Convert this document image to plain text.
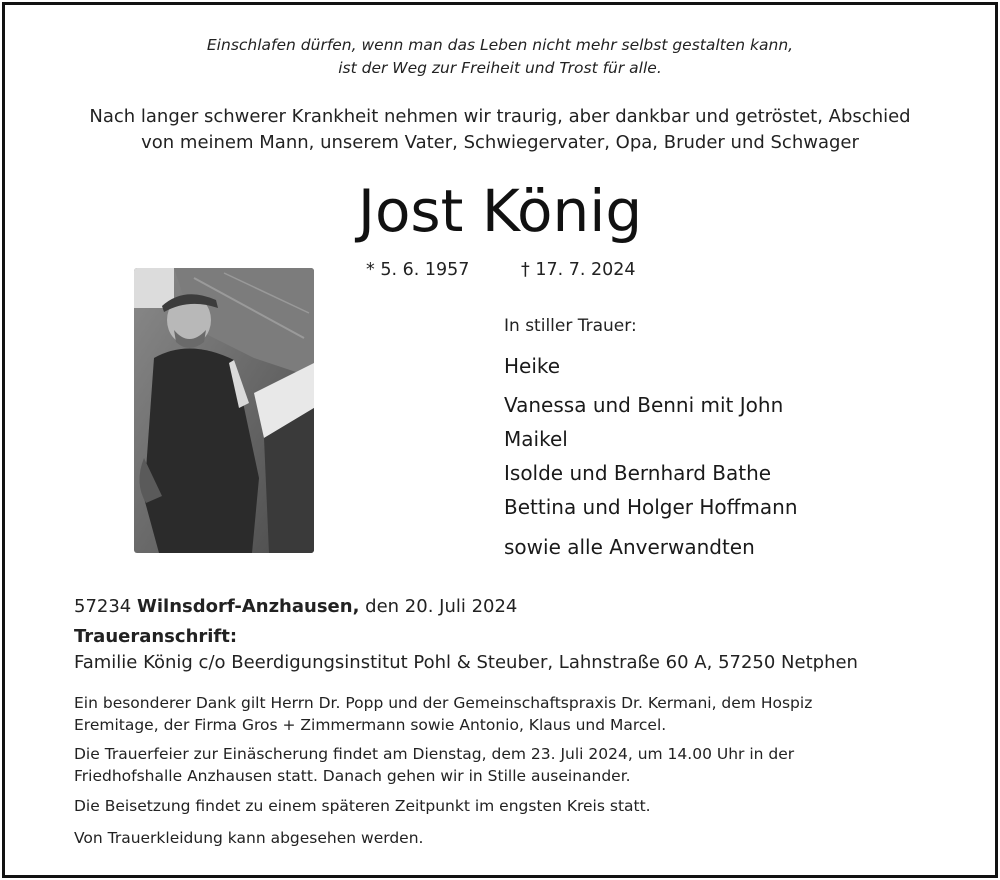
Einschlafen dürfen, wenn man das Leben nicht mehr selbst gestalten kann,
ist der Weg zur Freiheit und Trost für alle.
Nach langer schwerer Krankheit nehmen wir traurig, aber dankbar und getröstet, Abschied
von meinem Mann, unserem Vater, Schwiegervater, Opa, Bruder und Schwager
Jost König
* 5. 6. 1957	† 17. 7. 2024
In stiller Trauer:
Heike
Vanessa und Benni mit John
Maikel
Isolde und Bernhard Bathe
Bettina und Holger Hoffmann
sowie alle Anverwandten
57234 Wilnsdorf-Anzhausen, den 20. Juli 2024
Traueranschrift:
Familie König c/o Beerdigungsinstitut Pohl & Steuber, Lahnstraße 60 A, 57250 Netphen
Ein besonderer Dank gilt Herrn Dr. Popp und der Gemeinschaftspraxis Dr. Kermani, dem Hospiz
Eremitage, der Firma Gros + Zimmermann sowie Antonio, Klaus und Marcel.
Die Trauerfeier zur Einäscherung findet am Dienstag, dem 23. Juli 2024, um 14.00 Uhr in der
Friedhofshalle Anzhausen statt. Danach gehen wir in Stille auseinander.
Die Beisetzung findet zu einem späteren Zeitpunkt im engsten Kreis statt.
Von Trauerkleidung kann abgesehen werden.
